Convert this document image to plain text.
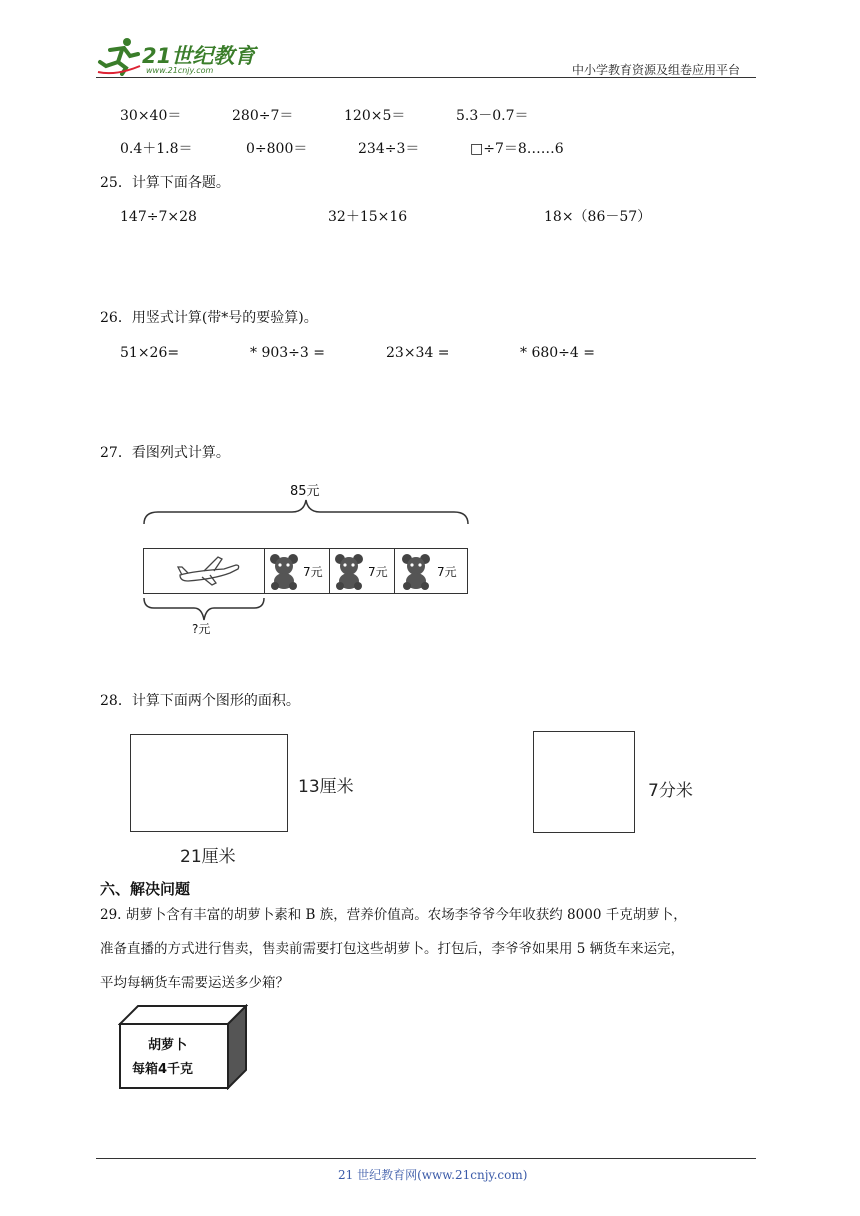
21世纪教育
www.21cnjy.com	中小学教育资源及组卷应用平台
30×40＝	280÷7＝	120×5＝	5.3－0.7＝
0.4＋1.8＝	0÷800＝	234÷3＝	□÷7＝8……6
25．计算下面各题。
147÷7×28	32＋15×16	18×（86－57）
26．用竖式计算(带*号的要验算)。
51×26=	* 903÷3 =	23×34 =	* 680÷4 =
27．看图列式计算。
85元
7元	7元	7元
?元
28．计算下面两个图形的面积。
13厘米
21厘米
7分米
六、解决问题
29. 胡萝卜含有丰富的胡萝卜素和 B 族，营养价值高。农场李爷爷今年收获约 8000 千克胡萝卜，
准备直播的方式进行售卖，售卖前需要打包这些胡萝卜。打包后，李爷爷如果用 5 辆货车来运完，
平均每辆货车需要运送多少箱？
胡萝卜
每箱4千克
21 世纪教育网(www.21cnjy.com)
